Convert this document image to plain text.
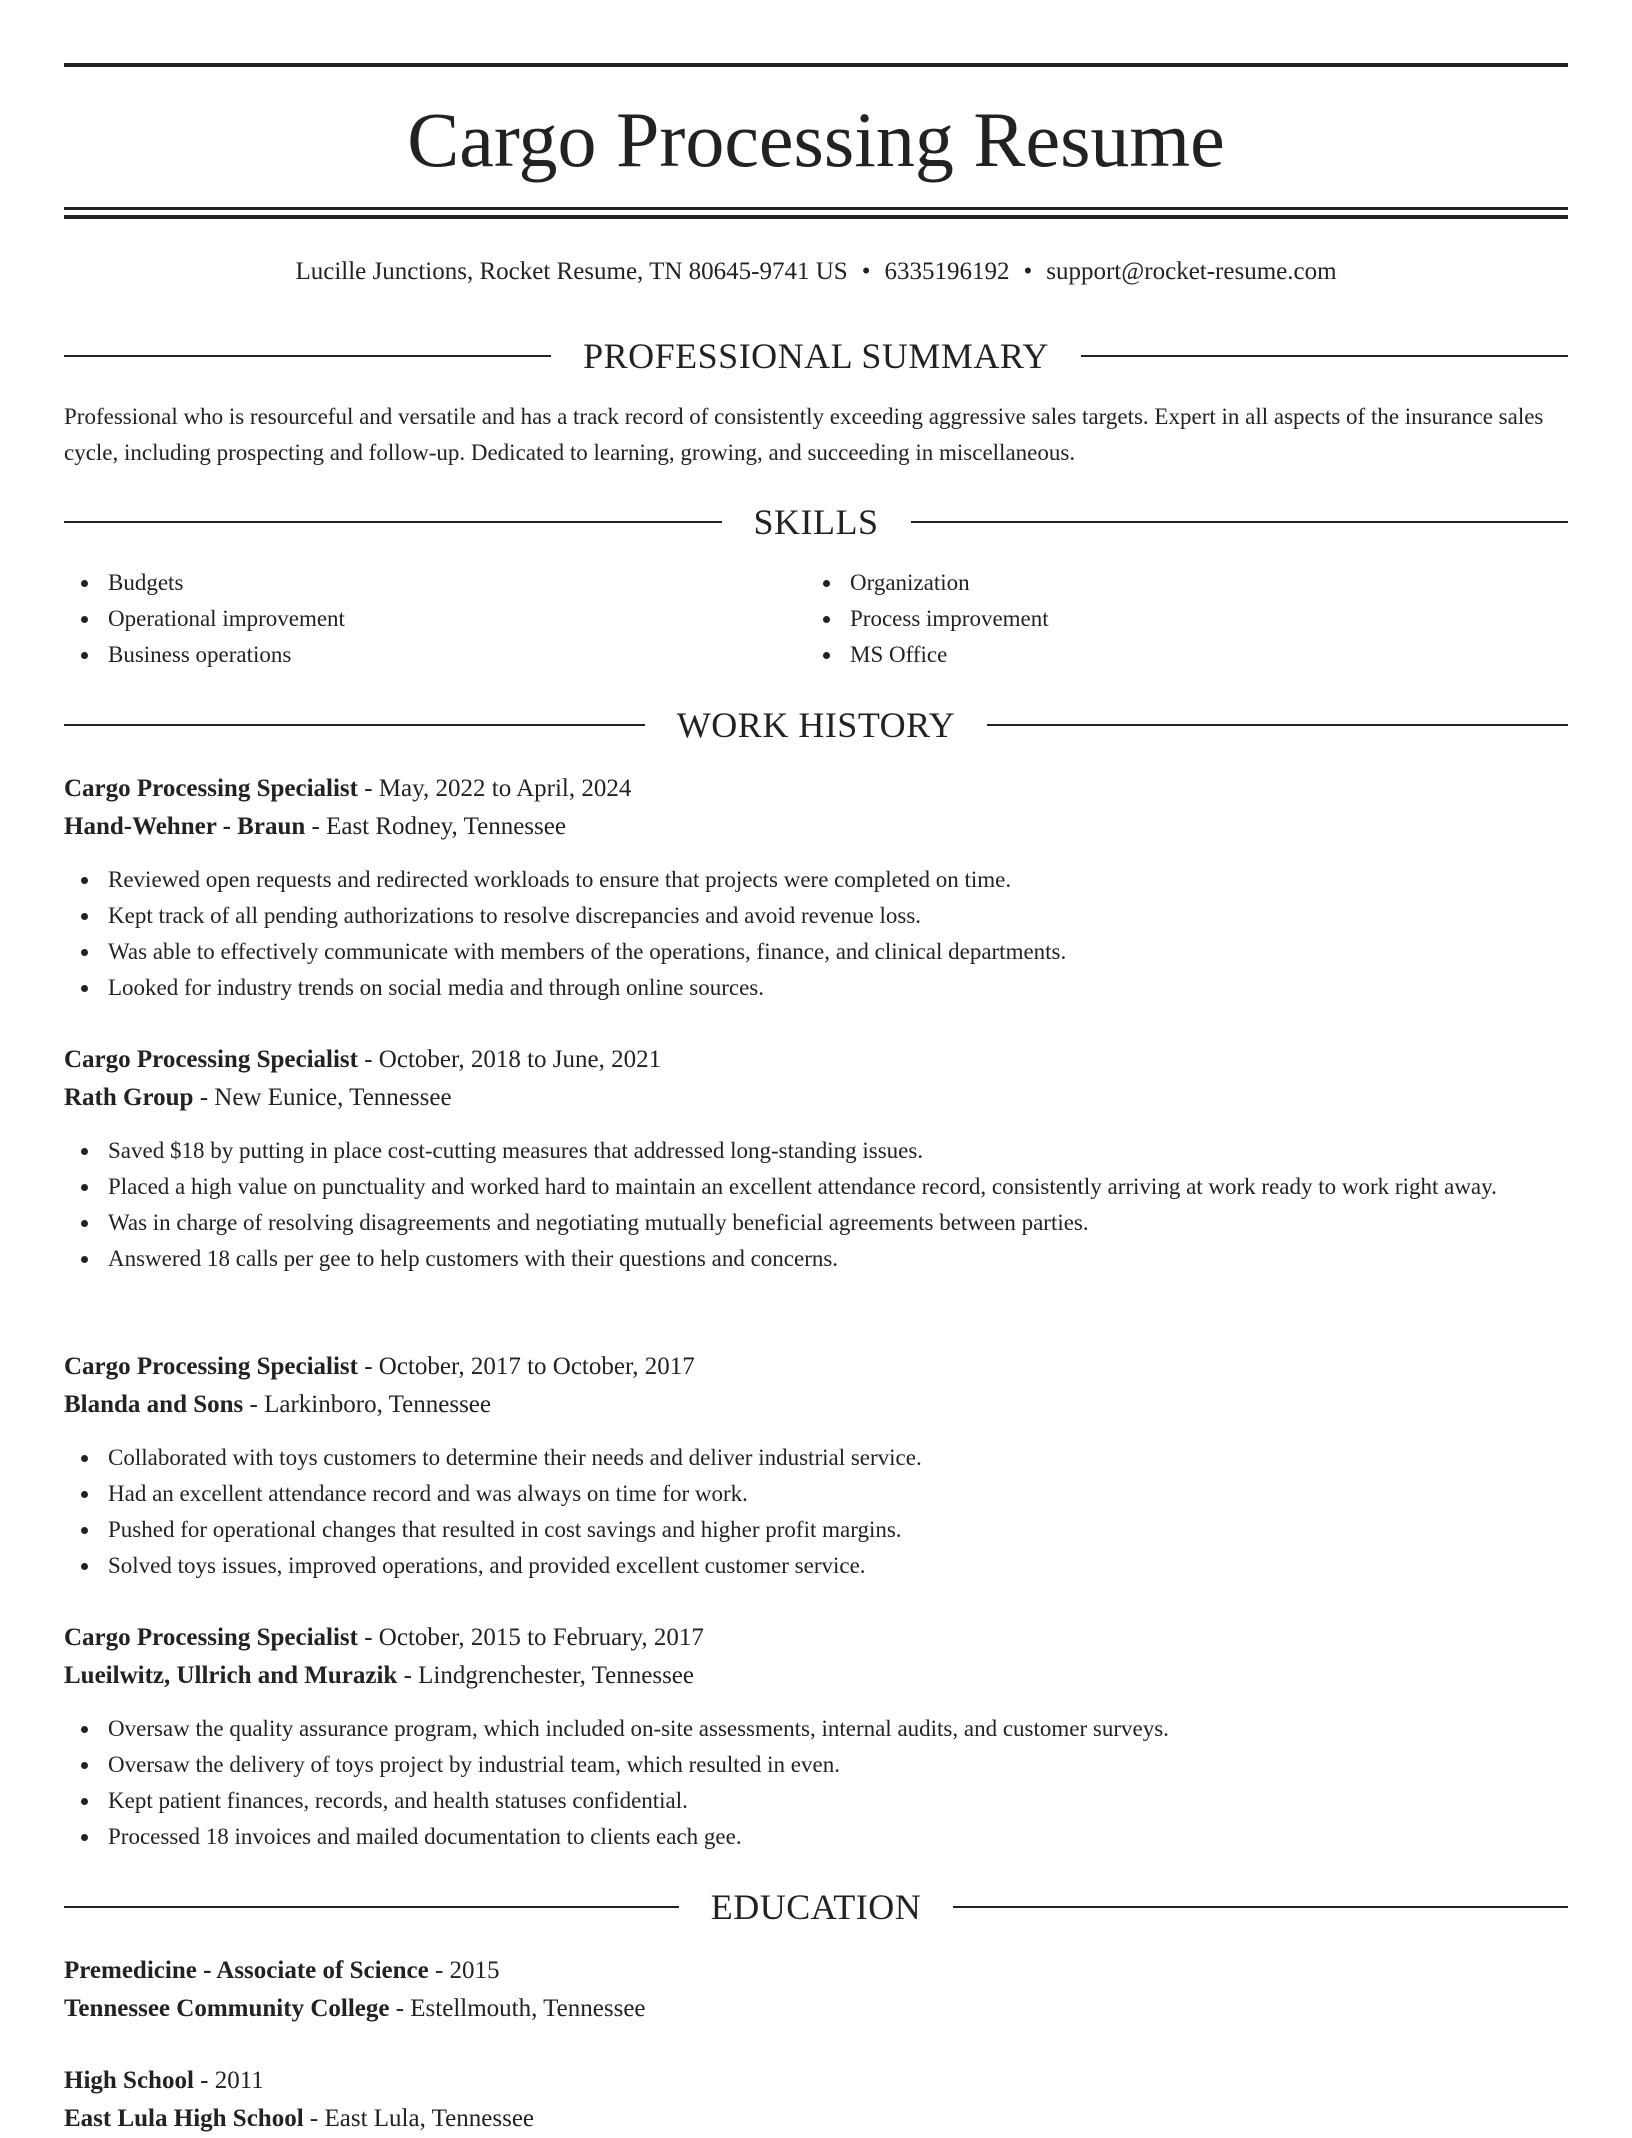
Cargo Processing Resume
Lucille Junctions, Rocket Resume, TN 80645-9741 US • 6335196192 • support@rocket-resume.com
PROFESSIONAL SUMMARY

Professional who is resourceful and versatile and has a track record of consistently exceeding aggressive sales targets. Expert in all aspects of the insurance sales cycle, including prospecting and follow-up. Dedicated to learning, growing, and succeeding in miscellaneous.

SKILLS
Budgets
Operational improvement
Business operations
Organization
Process improvement
MS Office
WORK HISTORY
Cargo Processing Specialist - May, 2022 to April, 2024
Hand-Wehner - Braun - East Rodney, Tennessee
Reviewed open requests and redirected workloads to ensure that projects were completed on time.
Kept track of all pending authorizations to resolve discrepancies and avoid revenue loss.
Was able to effectively communicate with members of the operations, finance, and clinical departments.
Looked for industry trends on social media and through online sources.
Cargo Processing Specialist - October, 2018 to June, 2021
Rath Group - New Eunice, Tennessee
Saved $18 by putting in place cost-cutting measures that addressed long-standing issues.
Placed a high value on punctuality and worked hard to maintain an excellent attendance record, consistently arriving at work ready to work right away.
Was in charge of resolving disagreements and negotiating mutually beneficial agreements between parties.
Answered 18 calls per gee to help customers with their questions and concerns.
Cargo Processing Specialist - October, 2017 to October, 2017
Blanda and Sons - Larkinboro, Tennessee
Collaborated with toys customers to determine their needs and deliver industrial service.
Had an excellent attendance record and was always on time for work.
Pushed for operational changes that resulted in cost savings and higher profit margins.
Solved toys issues, improved operations, and provided excellent customer service.
Cargo Processing Specialist - October, 2015 to February, 2017
Lueilwitz, Ullrich and Murazik - Lindgrenchester, Tennessee
Oversaw the quality assurance program, which included on-site assessments, internal audits, and customer surveys.
Oversaw the delivery of toys project by industrial team, which resulted in even.
Kept patient finances, records, and health statuses confidential.
Processed 18 invoices and mailed documentation to clients each gee.
EDUCATION
Premedicine - Associate of Science - 2015
Tennessee Community College - Estellmouth, Tennessee
High School - 2011
East Lula High School - East Lula, Tennessee
